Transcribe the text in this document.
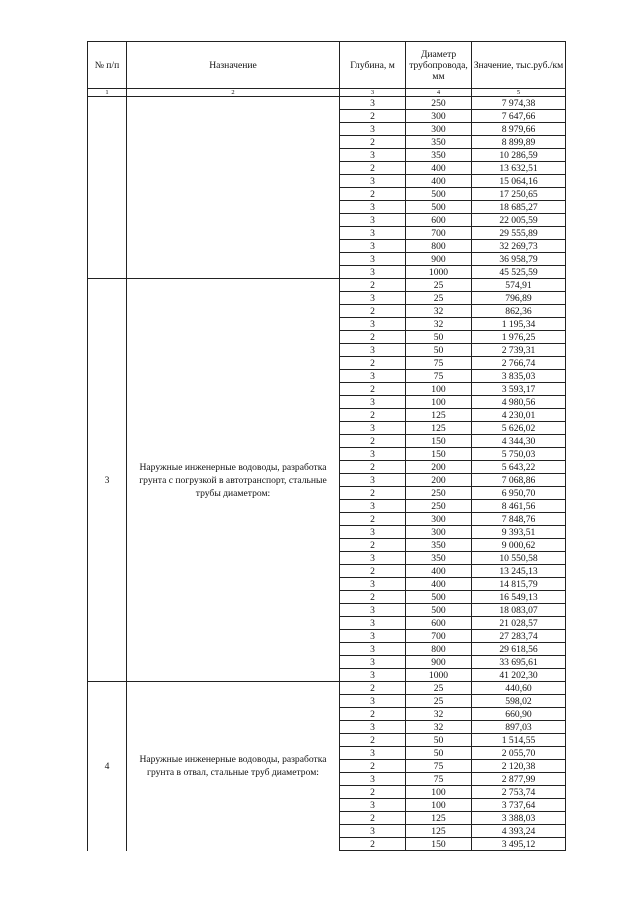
№ п/п	Назначение	Глубина, м	Диаметр трубопровода, мм	Значение, тыс.руб./км
1	2	3	4	5
		3	250	7 974,38
		2	300	7 647,66
		3	300	8 979,66
		2	350	8 899,89
		3	350	10 286,59
		2	400	13 632,51
		3	400	15 064,16
		2	500	17 250,65
		3	500	18 685,27
		3	600	22 005,59
		3	700	29 555,89
		3	800	32 269,73
		3	900	36 958,79
		3	1000	45 525,59
3	Наружные инженерные водоводы, разработка грунта с погрузкой в автотранспорт, стальные трубы диаметром:	2	25	574,91
		3	25	796,89
		2	32	862,36
		3	32	1 195,34
		2	50	1 976,25
		3	50	2 739,31
		2	75	2 766,74
		3	75	3 835,03
		2	100	3 593,17
		3	100	4 980,56
		2	125	4 230,01
		3	125	5 626,02
		2	150	4 344,30
		3	150	5 750,03
		2	200	5 643,22
		3	200	7 068,86
		2	250	6 950,70
		3	250	8 461,56
		2	300	7 848,76
		3	300	9 393,51
		2	350	9 000,62
		3	350	10 550,58
		2	400	13 245,13
		3	400	14 815,79
		2	500	16 549,13
		3	500	18 083,07
		3	600	21 028,57
		3	700	27 283,74
		3	800	29 618,56
		3	900	33 695,61
		3	1000	41 202,30
4	Наружные инженерные водоводы, разработка грунта в отвал, стальные труб диаметром:	2	25	440,60
		3	25	598,02
		2	32	660,90
		3	32	897,03
		2	50	1 514,55
		3	50	2 055,70
		2	75	2 120,38
		3	75	2 877,99
		2	100	2 753,74
		3	100	3 737,64
		2	125	3 388,03
		3	125	4 393,24
		2	150	3 495,12
